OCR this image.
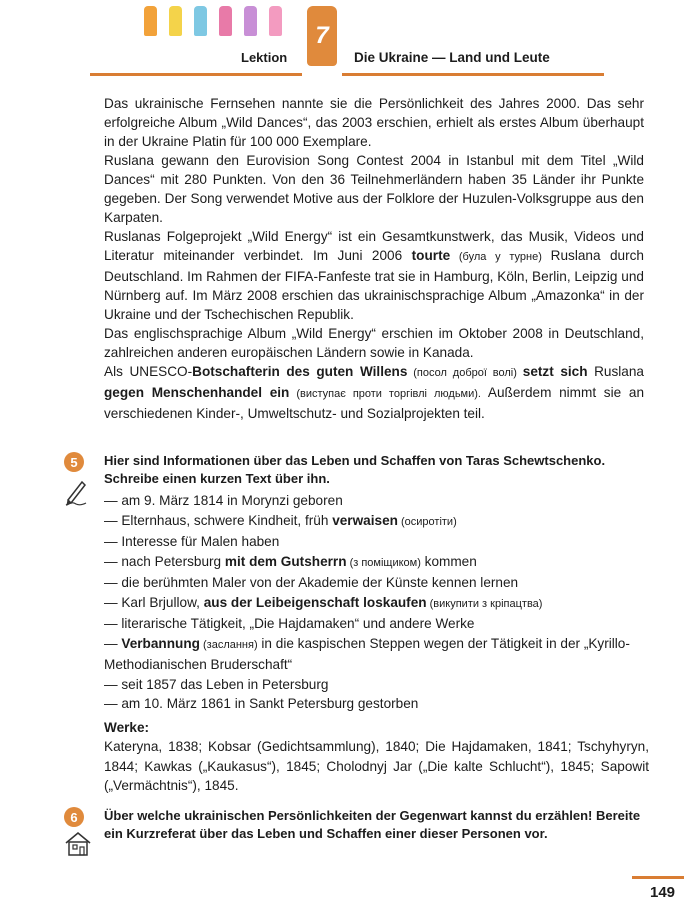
Lektion
7
Die Ukraine — Land und Leute

Das ukrainische Fernsehen nannte sie die Persönlichkeit des Jahres 2000. Das sehr erfolgreiche Album „Wild Dances“, das 2003 erschien, erhielt als erstes Album überhaupt in der Ukraine Platin für 100 000 Exemplare.

Ruslana gewann den Eurovision Song Contest 2004 in Istanbul mit dem Titel „Wild Dances“ mit 280 Punkten. Von den 36 Teilnehmerländern haben 35 Länder ihr Punkte gegeben. Der Song verwendet Motive aus der Folklore der Huzulen-Volksgruppe aus den Karpaten.

Ruslanas Folgeprojekt „Wild Energy“ ist ein Gesamtkunstwerk, das Musik, Videos und Literatur miteinander verbindet. Im Juni 2006 tourte (була у турне) Ruslana durch Deutschland. Im Rahmen der FIFA-Fanfeste trat sie in Hamburg, Köln, Berlin, Leipzig und Nürnberg auf. Im März 2008 erschien das ukrainischsprachige Album „Amazonka“ in der Ukraine und der Tschechischen Republik.

Das englischsprachige Album „Wild Energy“ erschien im Oktober 2008 in Deutschland, zahlreichen anderen europäischen Ländern sowie in Kanada.

Als UNESCO-Botschafterin des guten Willens (посол доброї волі) setzt sich Ruslana gegen Menschenhandel ein (виступає проти торгівлі людьми). Außerdem nimmt sie an verschiedenen Kinder-, Umweltschutz- und Sozialprojekten teil.

5	Hier sind Informationen über das Leben und Schaffen von Taras Schewtschenko. Schreibe einen kurzen Text über ihn.

— am 9. März 1814 in Morynzi geboren

— Elternhaus, schwere Kindheit, früh verwaisen (осиротіти)

— Interesse für Malen haben

— nach Petersburg mit dem Gutsherrn (з поміщиком) kommen

— die berühmten Maler von der Akademie der Künste kennen lernen

— Karl Brjullow, aus der Leibeigenschaft loskaufen (викупити з кріпацтва)

— literarische Tätigkeit, „Die Hajdamaken“ und andere Werke

— Verbannung (заслання) in die kaspischen Steppen wegen der Tätigkeit in der „Kyrillo-Methodianischen Bruderschaft“

— seit 1857 das Leben in Petersburg

— am 10. März 1861 in Sankt Petersburg gestorben

Werke:

Kateryna, 1838; Kobsar (Gedichtsammlung), 1840; Die Hajdamaken, 1841; Tschyhyryn, 1844; Kawkas („Kaukasus“), 1845; Cholodnyj Jar („Die kalte Schlucht“), 1845; Sapowit („Vermächtnis“), 1845.

6	Über welche ukrainischen Persönlichkeiten der Gegenwart kannst du erzählen! Bereite ein Kurzreferat über das Leben und Schaffen einer dieser Personen vor.
149
